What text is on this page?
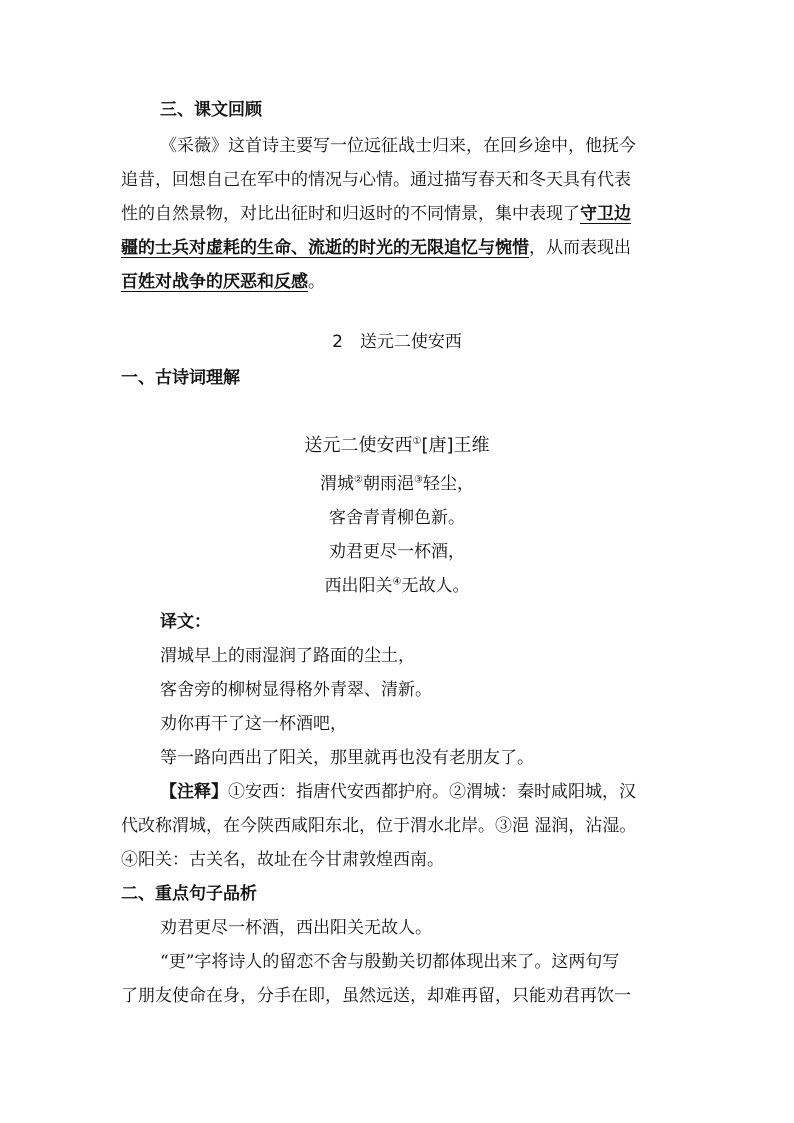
三、课文回顾
《采薇》这首诗主要写一位远征战士归来，在回乡途中，他抚今
追昔，回想自己在军中的情况与心情。通过描写春天和冬天具有代表
性的自然景物，对比出征时和归返时的不同情景，集中表现了守卫边
疆的士兵对虚耗的生命、流逝的时光的无限追忆与惋惜，从而表现出
百姓对战争的厌恶和反感。
2　送元二使安西
一、古诗词理解
送元二使安西①[唐]王维
渭城②朝雨浥③轻尘，
客舍青青柳色新。
劝君更尽一杯酒，
西出阳关④无故人。
译文：
渭城早上的雨湿润了路面的尘土，
客舍旁的柳树显得格外青翠、清新。
劝你再干了这一杯酒吧，
等一路向西出了阳关，那里就再也没有老朋友了。
【注释】①安西：指唐代安西都护府。②渭城：秦时咸阳城，汉
代改称渭城，在今陕西咸阳东北，位于渭水北岸。③浥 湿润，沾湿。
④阳关：古关名，故址在今甘肃敦煌西南。
二、重点句子品析
劝君更尽一杯酒，西出阳关无故人。
“更”字将诗人的留恋不舍与殷勤关切都体现出来了。这两句写
了朋友使命在身，分手在即，虽然远送，却难再留，只能劝君再饮一
